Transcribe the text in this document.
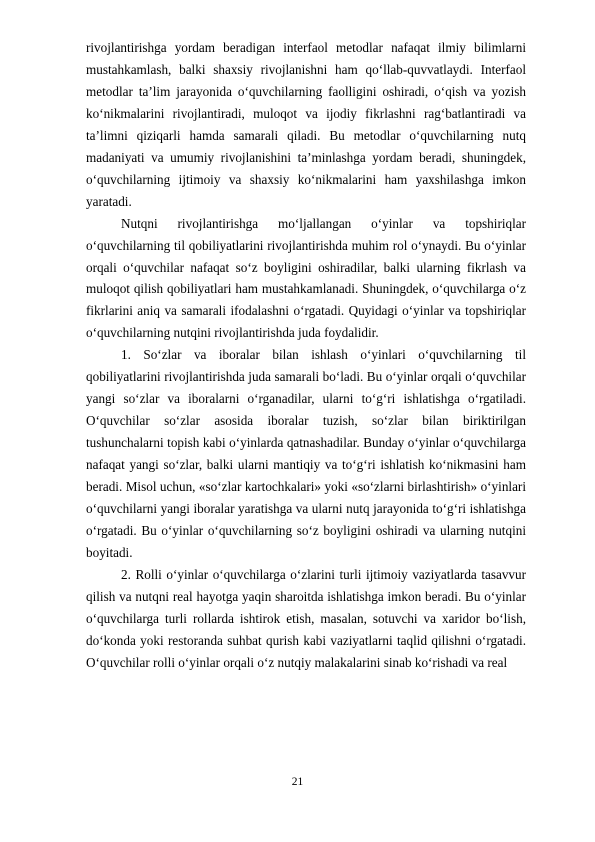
rivojlantirishga yordam beradigan interfaol metodlar nafaqat ilmiy bilimlarni mustahkamlash, balki shaxsiy rivojlanishni ham qo‘llab-quvvatlaydi. Interfaol metodlar ta’lim jarayonida o‘quvchilarning faolligini oshiradi, o‘qish va yozish ko‘nikmalarini rivojlantiradi, muloqot va ijodiy fikrlashni rag‘batlantiradi va ta’limni qiziqarli hamda samarali qiladi. Bu metodlar o‘quvchilarning nutq madaniyati va umumiy rivojlanishini ta’minlashga yordam beradi, shuningdek, o‘quvchilarning ijtimoiy va shaxsiy ko‘nikmalarini ham yaxshilashga imkon yaratadi.

Nutqni rivojlantirishga mo‘ljallangan o‘yinlar va topshiriqlar o‘quvchilarning til qobiliyatlarini rivojlantirishda muhim rol o‘ynaydi. Bu o‘yinlar orqali o‘quvchilar nafaqat so‘z boyligini oshiradilar, balki ularning fikrlash va muloqot qilish qobiliyatlari ham mustahkamlanadi. Shuningdek, o‘quvchilarga o‘z fikrlarini aniq va samarali ifodalashni o‘rgatadi. Quyidagi o‘yinlar va topshiriqlar o‘quvchilarning nutqini rivojlantirishda juda foydalidir.

1. So‘zlar va iboralar bilan ishlash o‘yinlari o‘quvchilarning til qobiliyatlarini rivojlantirishda juda samarali bo‘ladi. Bu o‘yinlar orqali o‘quvchilar yangi so‘zlar va iboralarni o‘rganadilar, ularni to‘g‘ri ishlatishga o‘rgatiladi. O‘quvchilar so‘zlar asosida iboralar tuzish, so‘zlar bilan biriktirilgan tushunchalarni topish kabi o‘yinlarda qatnashadilar. Bunday o‘yinlar o‘quvchilarga nafaqat yangi so‘zlar, balki ularni mantiqiy va to‘g‘ri ishlatish ko‘nikmasini ham beradi. Misol uchun, «so‘zlar kartochkalari» yoki «so‘zlarni birlashtirish» o‘yinlari o‘quvchilarni yangi iboralar yaratishga va ularni nutq jarayonida to‘g‘ri ishlatishga o‘rgatadi. Bu o‘yinlar o‘quvchilarning so‘z boyligini oshiradi va ularning nutqini boyitadi.

2. Rolli o‘yinlar o‘quvchilarga o‘zlarini turli ijtimoiy vaziyatlarda tasavvur qilish va nutqni real hayotga yaqin sharoitda ishlatishga imkon beradi. Bu o‘yinlar o‘quvchilarga turli rollarda ishtirok etish, masalan, sotuvchi va xaridor bo‘lish, do‘konda yoki restoranda suhbat qurish kabi vaziyatlarni taqlid qilishni o‘rgatadi. O‘quvchilar rolli o‘yinlar orqali o‘z nutqiy malakalarini sinab ko‘rishadi va real

21
